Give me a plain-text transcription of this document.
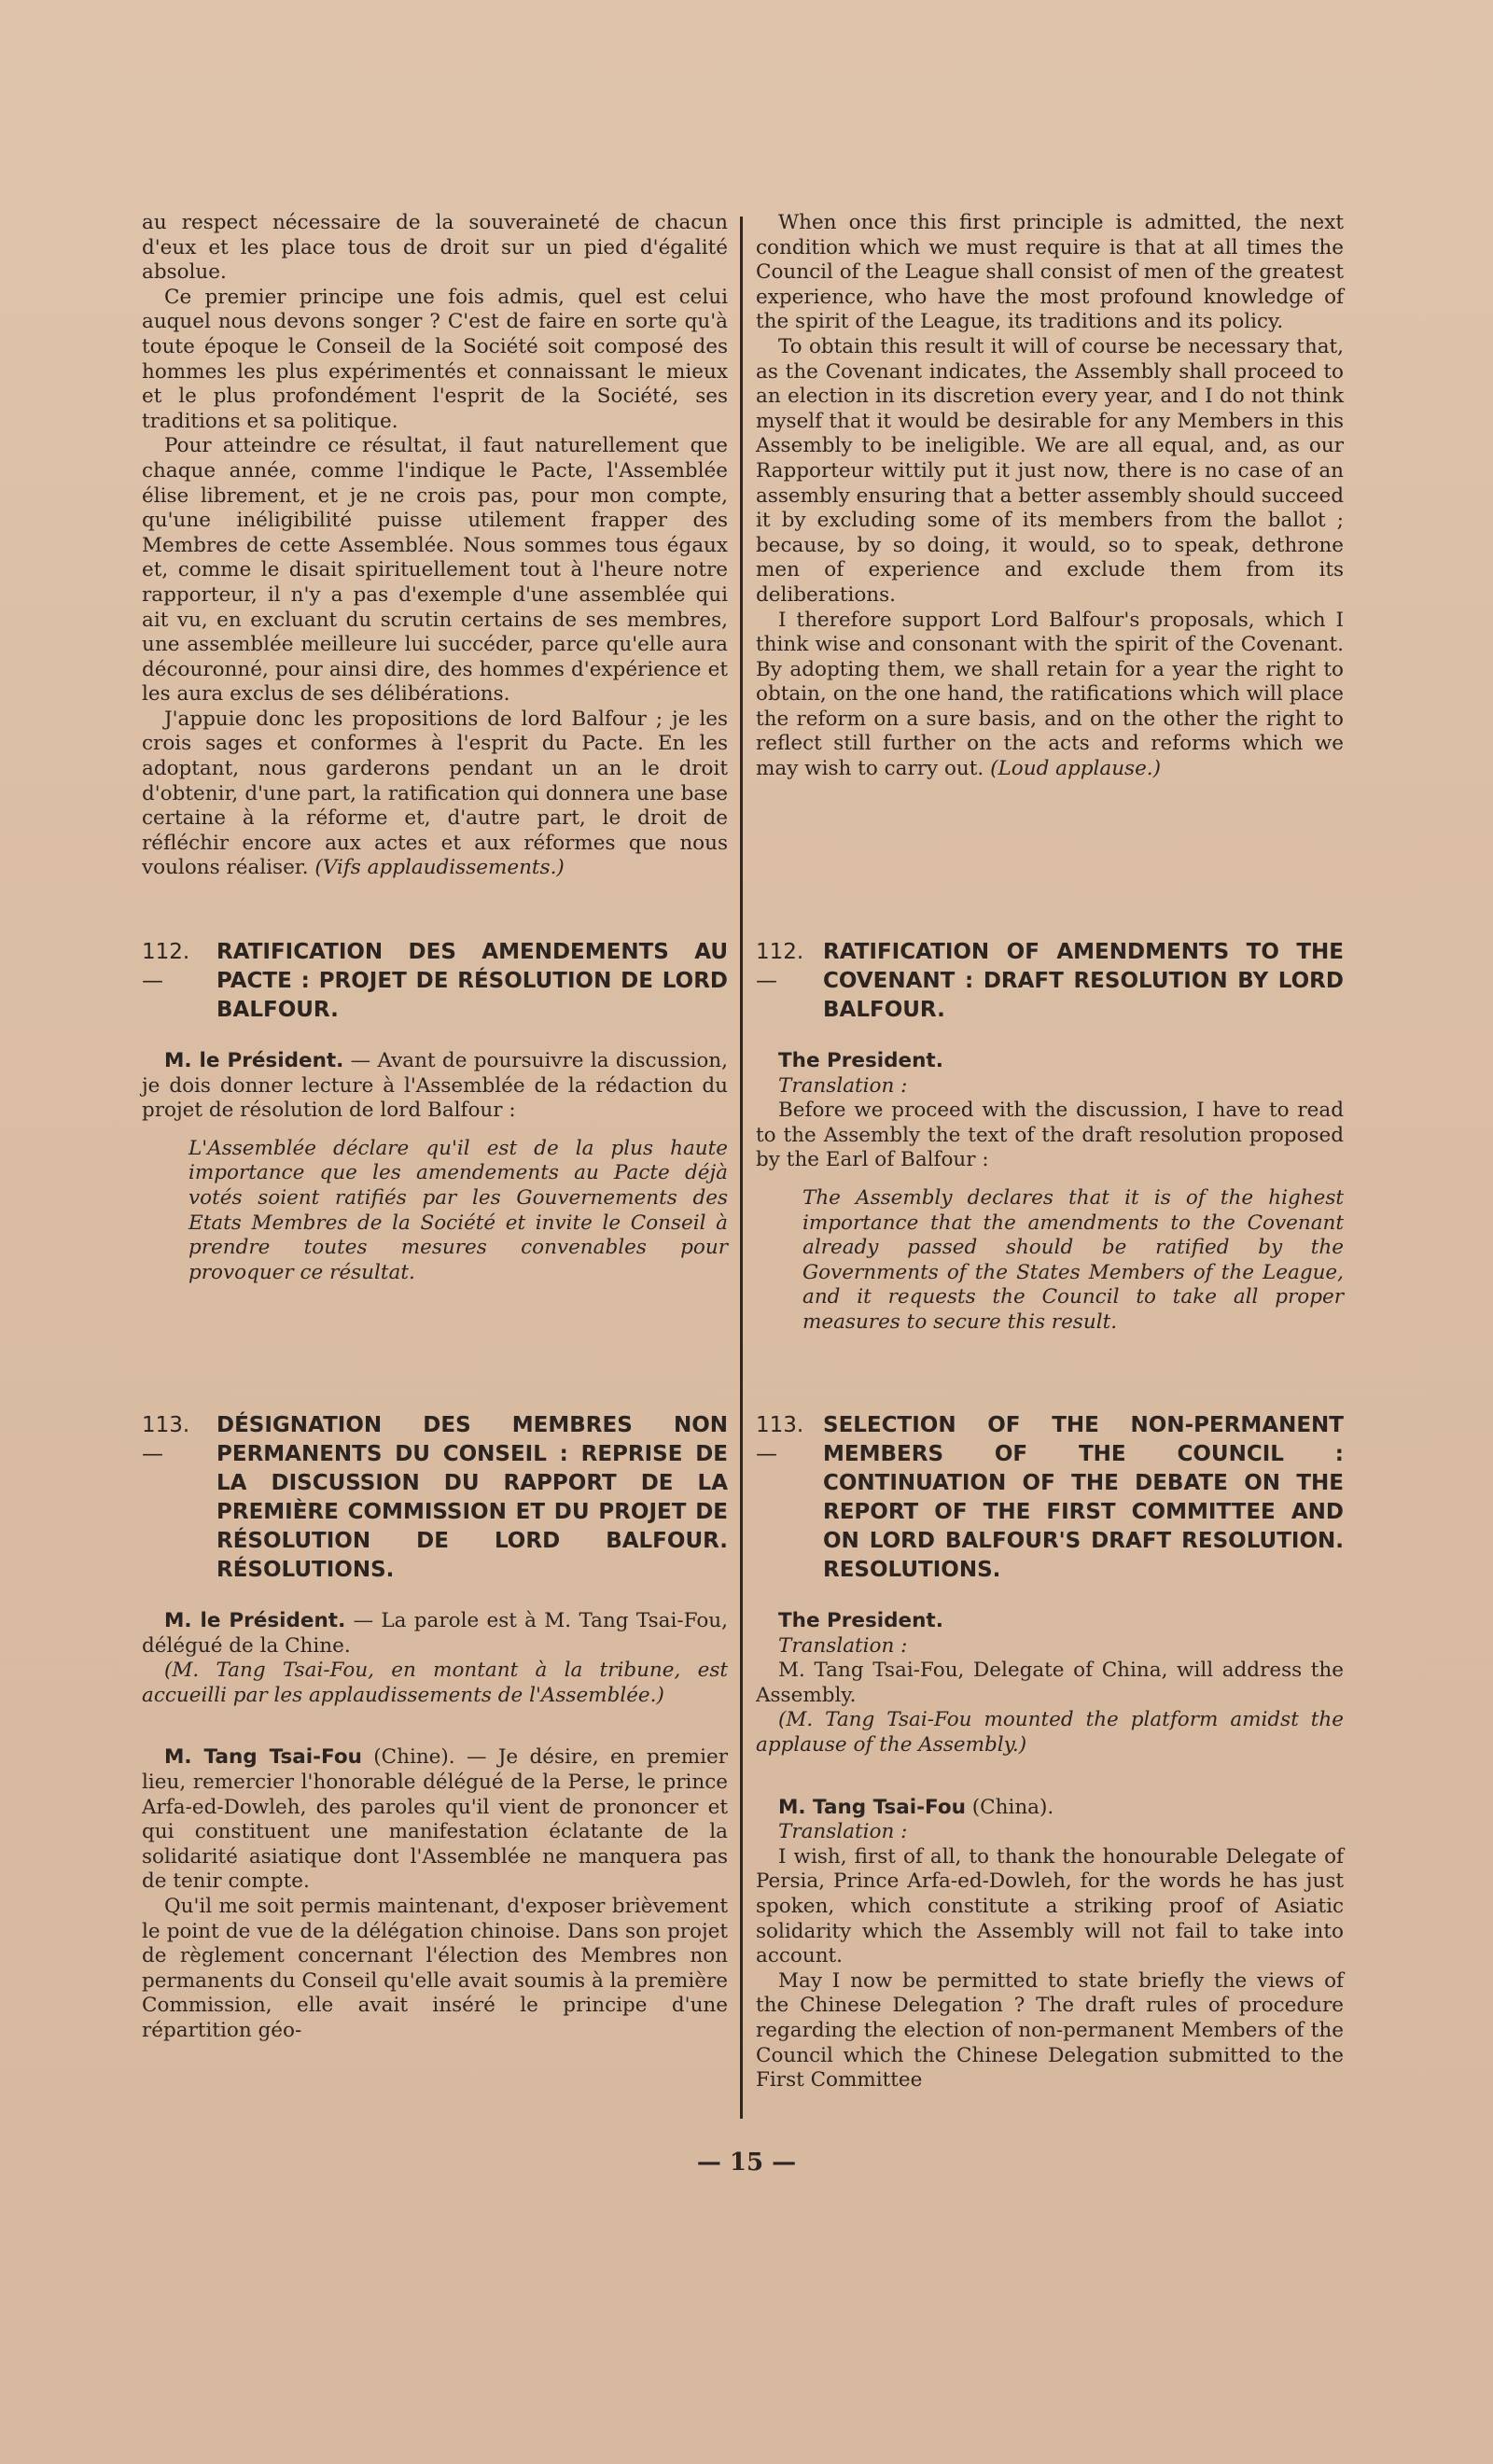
au respect nécessaire de la souveraineté de chacun d'eux et les place tous de droit sur un pied d'égalité absolue.

Ce premier principe une fois admis, quel est celui auquel nous devons songer ? C'est de faire en sorte qu'à toute époque le Conseil de la Société soit composé des hommes les plus expérimentés et connaissant le mieux et le plus profondément l'esprit de la Société, ses traditions et sa politique.

Pour atteindre ce résultat, il faut naturellement que chaque année, comme l'indique le Pacte, l'Assemblée élise librement, et je ne crois pas, pour mon compte, qu'une inéligibilité puisse utilement frapper des Membres de cette Assemblée. Nous sommes tous égaux et, comme le disait spirituellement tout à l'heure notre rapporteur, il n'y a pas d'exemple d'une assemblée qui ait vu, en excluant du scrutin certains de ses membres, une assemblée meilleure lui succéder, parce qu'elle aura découronné, pour ainsi dire, des hommes d'expérience et les aura exclus de ses délibérations.

J'appuie donc les propositions de lord Balfour ; je les crois sages et conformes à l'esprit du Pacte. En les adoptant, nous garderons pendant un an le droit d'obtenir, d'une part, la ratification qui donnera une base certaine à la réforme et, d'autre part, le droit de réfléchir encore aux actes et aux réformes que nous voulons réaliser. (Vifs applaudissements.)

112. —
RATIFICATION DES AMENDEMENTS AU PACTE : PROJET DE RÉSOLUTION DE LORD BALFOUR.

M. le Président. — Avant de poursuivre la discussion, je dois donner lecture à l'Assemblée de la rédaction du projet de résolution de lord Balfour :

L'Assemblée déclare qu'il est de la plus haute importance que les amendements au Pacte déjà votés soient ratifiés par les Gouvernements des Etats Membres de la Société et invite le Conseil à prendre toutes mesures convenables pour provoquer ce résultat.

113. —
DÉSIGNATION DES MEMBRES NON PERMANENTS DU CONSEIL : REPRISE DE LA DISCUSSION DU RAPPORT DE LA PREMIÈRE COMMISSION ET DU PROJET DE RÉSOLUTION DE LORD BALFOUR. RÉSOLUTIONS.

M. le Président. — La parole est à M. Tang Tsai-Fou, délégué de la Chine.

(M. Tang Tsai-Fou, en montant à la tribune, est accueilli par les applaudissements de l'Assemblée.)

M. Tang Tsai-Fou (Chine). — Je désire, en premier lieu, remercier l'honorable délégué de la Perse, le prince Arfa-ed-Dowleh, des paroles qu'il vient de prononcer et qui constituent une manifestation éclatante de la solidarité asiatique dont l'Assemblée ne manquera pas de tenir compte.

Qu'il me soit permis maintenant, d'exposer brièvement le point de vue de la délégation chinoise. Dans son projet de règlement concernant l'élection des Membres non permanents du Conseil qu'elle avait soumis à la première Commission, elle avait inséré le principe d'une répartition géo-

When once this first principle is admitted, the next condition which we must require is that at all times the Council of the League shall consist of men of the greatest experience, who have the most profound knowledge of the spirit of the League, its traditions and its policy.

To obtain this result it will of course be necessary that, as the Covenant indicates, the Assembly shall proceed to an election in its discretion every year, and I do not think myself that it would be desirable for any Members in this Assembly to be ineligible. We are all equal, and, as our Rapporteur wittily put it just now, there is no case of an assembly ensuring that a better assembly should succeed it by excluding some of its members from the ballot ; because, by so doing, it would, so to speak, dethrone men of experience and exclude them from its deliberations.

I therefore support Lord Balfour's proposals, which I think wise and consonant with the spirit of the Covenant. By adopting them, we shall retain for a year the right to obtain, on the one hand, the ratifications which will place the reform on a sure basis, and on the other the right to reflect still further on the acts and reforms which we may wish to carry out. (Loud applause.)

112.—
RATIFICATION OF AMENDMENTS TO THE COVENANT : DRAFT RESOLUTION BY LORD BALFOUR.

The President.

Translation :

Before we proceed with the discussion, I have to read to the Assembly the text of the draft resolution proposed by the Earl of Balfour :

The Assembly declares that it is of the highest importance that the amendments to the Covenant already passed should be ratified by the Governments of the States Members of the League, and it requests the Council to take all proper measures to secure this result.

113.—
SELECTION OF THE NON-PERMANENT MEMBERS OF THE COUNCIL : CONTINUATION OF THE DEBATE ON THE REPORT OF THE FIRST COMMITTEE AND ON LORD BALFOUR'S DRAFT RESOLUTION. RESOLUTIONS.

The President.

Translation :

M. Tang Tsai-Fou, Delegate of China, will address the Assembly.

(M. Tang Tsai-Fou mounted the platform amidst the applause of the Assembly.)

M. Tang Tsai-Fou (China).

Translation :

I wish, first of all, to thank the honourable Delegate of Persia, Prince Arfa-ed-Dowleh, for the words he has just spoken, which constitute a striking proof of Asiatic solidarity which the Assembly will not fail to take into account.

May I now be permitted to state briefly the views of the Chinese Delegation ? The draft rules of procedure regarding the election of non-permanent Members of the Council which the Chinese Delegation submitted to the First Committee

— 15 —
